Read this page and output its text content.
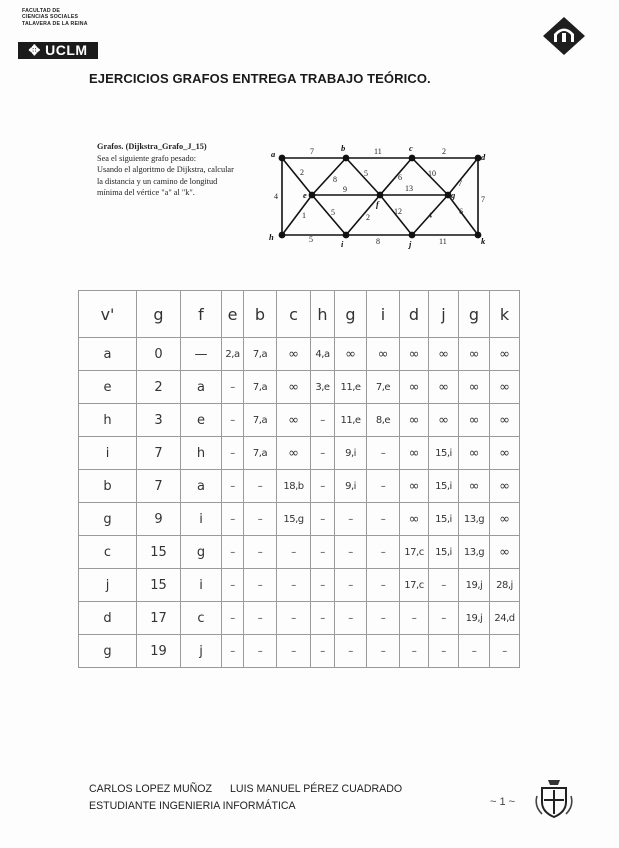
FACULTAD DE
CIENCIAS SOCIALES
TALAVERA DE LA REINA
✥ UCLM
EJERCICIOS GRAFOS ENTREGA TRABAJO TEÓRICO.
Grafos. (Dijkstra_Grafo_J_15)
Sea el siguiente grafo pesado:
Usando el algoritmo de Dijkstra, calcular
la distancia y un camino de longitud
mínima del vértice "a" al "k".
a
b	c
d
e
f
g
h
i	j	k
7	11	2
2
4
1
5	8	11
8
9
5
5
2
6
13
12
10
7
4	6
7
v'	g	f	e	b	c	h	g	i	d	j	g	k
a	0	—	2,a	7,a	∞	4,a	∞	∞	∞	∞	∞	∞
e	2	a	–	7,a	∞	3,e	11,e	7,e	∞	∞	∞	∞
h	3	e	–	7,a	∞	–	11,e	8,e	∞	∞	∞	∞
i	7	h	–	7,a	∞	–	9,i	–	∞	15,i	∞	∞
b	7	a	–	–	18,b	–	9,i	–	∞	15,i	∞	∞
g	9	i	–	–	15,g	–	–	–	∞	15,i	13,g	∞
c	15	g	–	–	–	–	–	–	17,c	15,i	13,g	∞
j	15	i	–	–	–	–	–	–	17,c	–	19,j	28,j
d	17	c	–	–	–	–	–	–	–	–	19,j	24,d
g	19	j	–	–	–	–	–	–	–	–	–	–
CARLOS LOPEZ MUÑOZ LUIS MANUEL PÉREZ CUADRADO
ESTUDIANTE INGENIERIA INFORMÁTICA	~ 1 ~
